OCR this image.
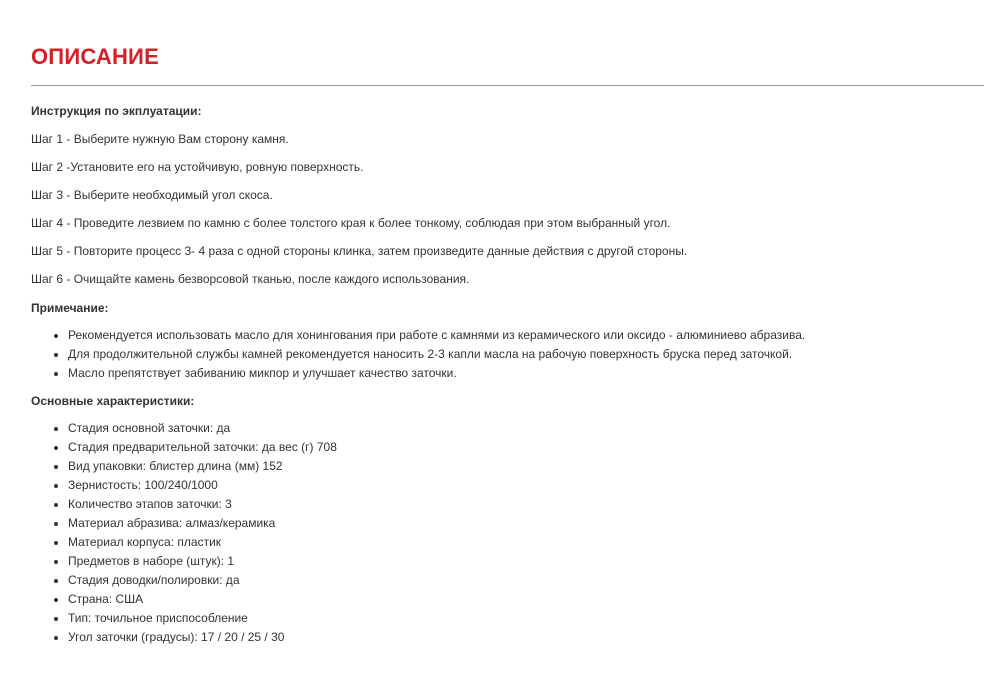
ОПИСАНИЕ

Инструкция по экплуатации:

Шаг 1 - Выберите нужную Вам сторону камня.

Шаг 2 -Установите его на устойчивую, ровную поверхность.

Шаг 3 - Выберите необходимый угол скоса.

Шаг 4 - Проведите лезвием по камню с более толстого края к более тонкому, соблюдая при этом выбранный угол.

Шаг 5 - Повторите процесс 3- 4 раза с одной стороны клинка, затем произведите данные действия с другой стороны.

Шаг 6 - Очищайте камень безворсовой тканью, после каждого использования.

Примечание:

Рекомендуется использовать масло для хонингования при работе с камнями из керамического или оксидо - алюминиево абразива.
Для продолжительной службы камней рекомендуется наносить 2-3 капли масла на рабочую поверхность бруска перед заточкой.
Масло препятствует забиванию микпор и улучшает качество заточки.

Основные характеристики:

Стадия основной заточки: да
Стадия предварительной заточки: да вес (г) 708
Вид упаковки: блистер длина (мм) 152
Зернистость: 100/240/1000
Количество этапов заточки: 3
Материал абразива: алмаз/керамика
Материал корпуса: пластик
Предметов в наборе (штук): 1
Стадия доводки/полировки: да
Страна: США
Тип: точильное приспособление
Угол заточки (градусы): 17 / 20 / 25 / 30
